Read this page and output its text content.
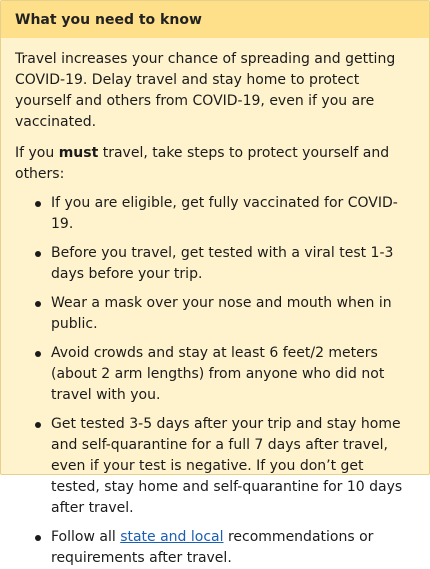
What you need to know

Travel increases your chance of spreading and getting COVID-19. Delay travel and stay home to protect yourself and others from COVID-19, even if you are vaccinated.

If you must travel, take steps to protect yourself and others:

If you are eligible, get fully vaccinated for COVID-19.
Before you travel, get tested with a viral test 1-3 days before your trip.
Wear a mask over your nose and mouth when in public.
Avoid crowds and stay at least 6 feet/2 meters (about 2 arm lengths) from anyone who did not travel with you.
Get tested 3-5 days after your trip and stay home and self-quarantine for a full 7 days after travel, even if your test is negative. If you don’t get tested, stay home and self-quarantine for 10 days after travel.
Follow all state and local recommendations or requirements after travel.
